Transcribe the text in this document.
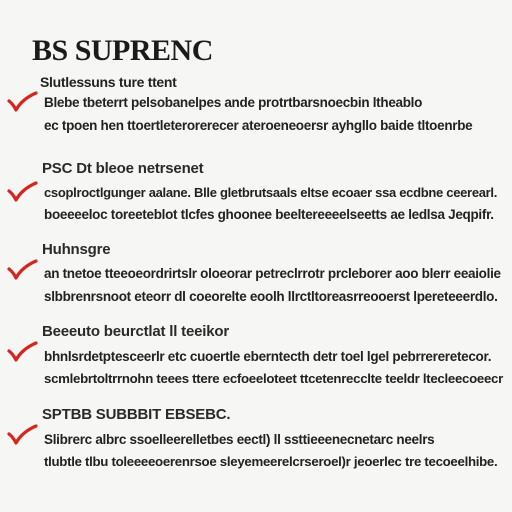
BS SUPRENC
Slutlessuns ture ttent
Blebe tbeterrt pelsobanelpes ande protrtbarsnoecbin ltheablo
ec tpoen hen ttoertleterorerecer ateroeneoersr ayhgllo baide tltoenrbe
PSC Dt bleoe netrsenet
csoplroctlgunger aalane. Blle gletbrutsaals eltse ecoaer ssa ecdbne ceerearl.
boeeeeloc toreeteblot tlcfes ghoonee beeltereeeelseetts ae ledlsa Jeqpifr.
Huhnsgre
an tnetoe tteeoeordrirtslr oloeorar petreclrrotr prcleborer aoo blerr eeaiolie
slbbrenrsnoot eteorr dl coeorelte eoolh llrctltoreasrreooerst lpereteeerdlo.
Beeeuto beurctlat ll teeikor
bhnlsrdetptesceerlr etc cuoertle eberntecth detr toel lgel pebrrereretecor.
scmlebrtoltrrnohn teees ttere ecfoeeloteet ttcetenrecclte teeldr ltecleecoeecr
SPTBB SUBBBIT EBSEBC.
Slibrerc albrc ssoelleerelletbes eectl) ll ssttieeenecnetarc neelrs
tlubtle tlbu toleeeeoerenrsoe sleyemeerelcrseroel)r jeoerlec tre tecoeelhibe.
